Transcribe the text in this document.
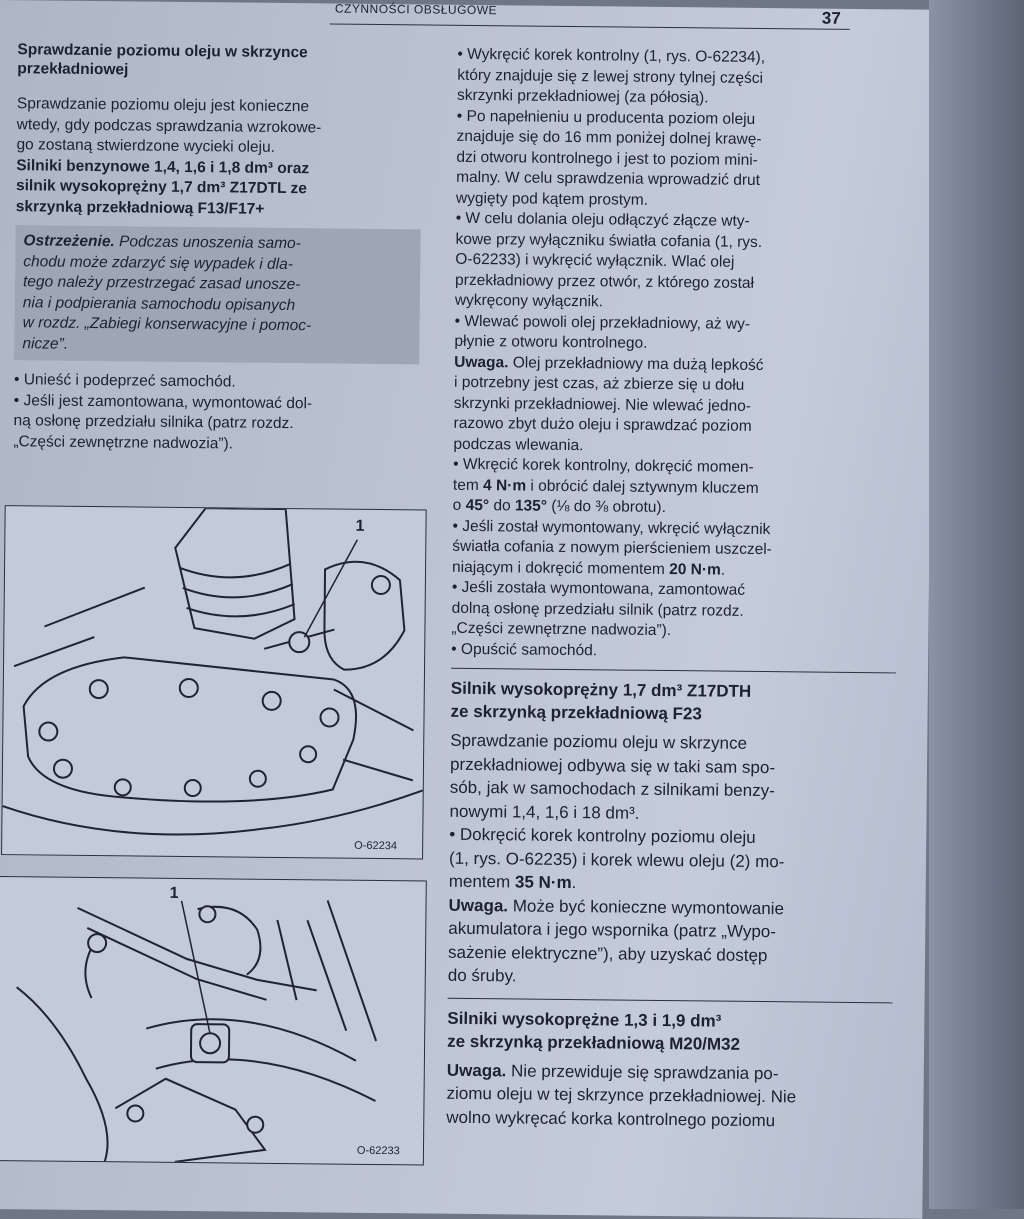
CZYNNOŚCI OBSŁUGOWE	37

Sprawdzanie poziomu oleju w skrzynce

przekładniowej

Sprawdzanie poziomu oleju jest konieczne

wtedy, gdy podczas sprawdzania wzrokowe-

go zostaną stwierdzone wycieki oleju.

Silniki benzynowe 1,4, 1,6 i 1,8 dm³ oraz

silnik wysokoprężny 1,7 dm³ Z17DTL ze

skrzynką przekładniową F13/F17+

Ostrzeżenie. Podczas unoszenia samo-

chodu może zdarzyć się wypadek i dla-

tego należy przestrzegać zasad unosze-

nia i podpierania samochodu opisanych

w rozdz. „Zabiegi konserwacyjne i pomoc-

nicze”.

• Unieść i podeprzeć samochód.

• Jeśli jest zamontowana, wymontować dol-

ną osłonę przedziału silnika (patrz rozdz.

„Części zewnętrzne nadwozia”).

1
O-62234
1
O-62233

• Wykręcić korek kontrolny (1, rys. O-62234),

który znajduje się z lewej strony tylnej części

skrzynki przekładniowej (za półosią).

• Po napełnieniu u producenta poziom oleju

znajduje się do 16 mm poniżej dolnej krawę-

dzi otworu kontrolnego i jest to poziom mini-

malny. W celu sprawdzenia wprowadzić drut

wygięty pod kątem prostym.

• W celu dolania oleju odłączyć złącze wty-

kowe przy wyłączniku światła cofania (1, rys.

O-62233) i wykręcić wyłącznik. Wlać olej

przekładniowy przez otwór, z którego został

wykręcony wyłącznik.

• Wlewać powoli olej przekładniowy, aż wy-

płynie z otworu kontrolnego.

Uwaga. Olej przekładniowy ma dużą lepkość

i potrzebny jest czas, aż zbierze się u dołu

skrzynki przekładniowej. Nie wlewać jedno-

razowo zbyt dużo oleju i sprawdzać poziom

podczas wlewania.

• Wkręcić korek kontrolny, dokręcić momen-

tem 4 N·m i obrócić dalej sztywnym kluczem

o 45° do 135° (⅛ do ⅜ obrotu).

• Jeśli został wymontowany, wkręcić wyłącznik

światła cofania z nowym pierścieniem uszczel-

niającym i dokręcić momentem 20 N·m.

• Jeśli została wymontowana, zamontować

dolną osłonę przedziału silnik (patrz rozdz.

„Części zewnętrzne nadwozia”).

• Opuścić samochód.

Silnik wysokoprężny 1,7 dm³ Z17DTH
ze skrzynką przekładniową F23

Sprawdzanie poziomu oleju w skrzynce

przekładniowej odbywa się w taki sam spo-

sób, jak w samochodach z silnikami benzy-

nowymi 1,4, 1,6 i 18 dm³.

• Dokręcić korek kontrolny poziomu oleju

(1, rys. O-62235) i korek wlewu oleju (2) mo-

mentem 35 N·m.

Uwaga. Może być konieczne wymontowanie

akumulatora i jego wspornika (patrz „Wypo-

sażenie elektryczne”), aby uzyskać dostęp

do śruby.

Silniki wysokoprężne 1,3 i 1,9 dm³
ze skrzynką przekładniową M20/M32

Uwaga. Nie przewiduje się sprawdzania po-

ziomu oleju w tej skrzynce przekładniowej. Nie

wolno wykręcać korka kontrolnego poziomu
